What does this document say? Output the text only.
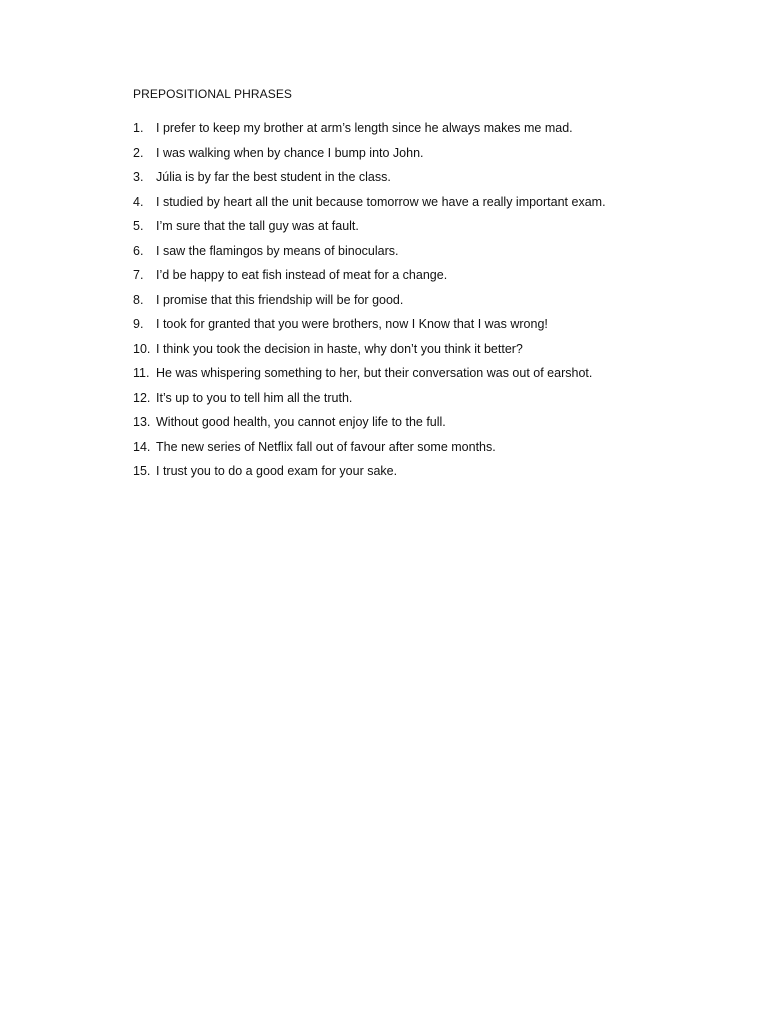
PREPOSITIONAL PHRASES
1.	I prefer to keep my brother at arm’s length since he always makes me mad.
2.	I was walking when by chance I bump into John.
3.	Júlia is by far the best student in the class.
4.	I studied by heart all the unit because tomorrow we have a really important exam.
5.	I’m sure that the tall guy was at fault.
6.	I saw the flamingos by means of binoculars.
7.	I’d be happy to eat fish instead of meat for a change.
8.	I promise that this friendship will be for good.
9.	I took for granted that you were brothers, now I Know that I was wrong!
10. I think you took the decision in haste, why don’t you think it better?
11. He was whispering something to her, but their conversation was out of earshot.
12. It’s up to you to tell him all the truth.
13. Without good health, you cannot enjoy life to the full.
14. The new series of Netflix fall out of favour after some months.
15. I trust you to do a good exam for your sake.
